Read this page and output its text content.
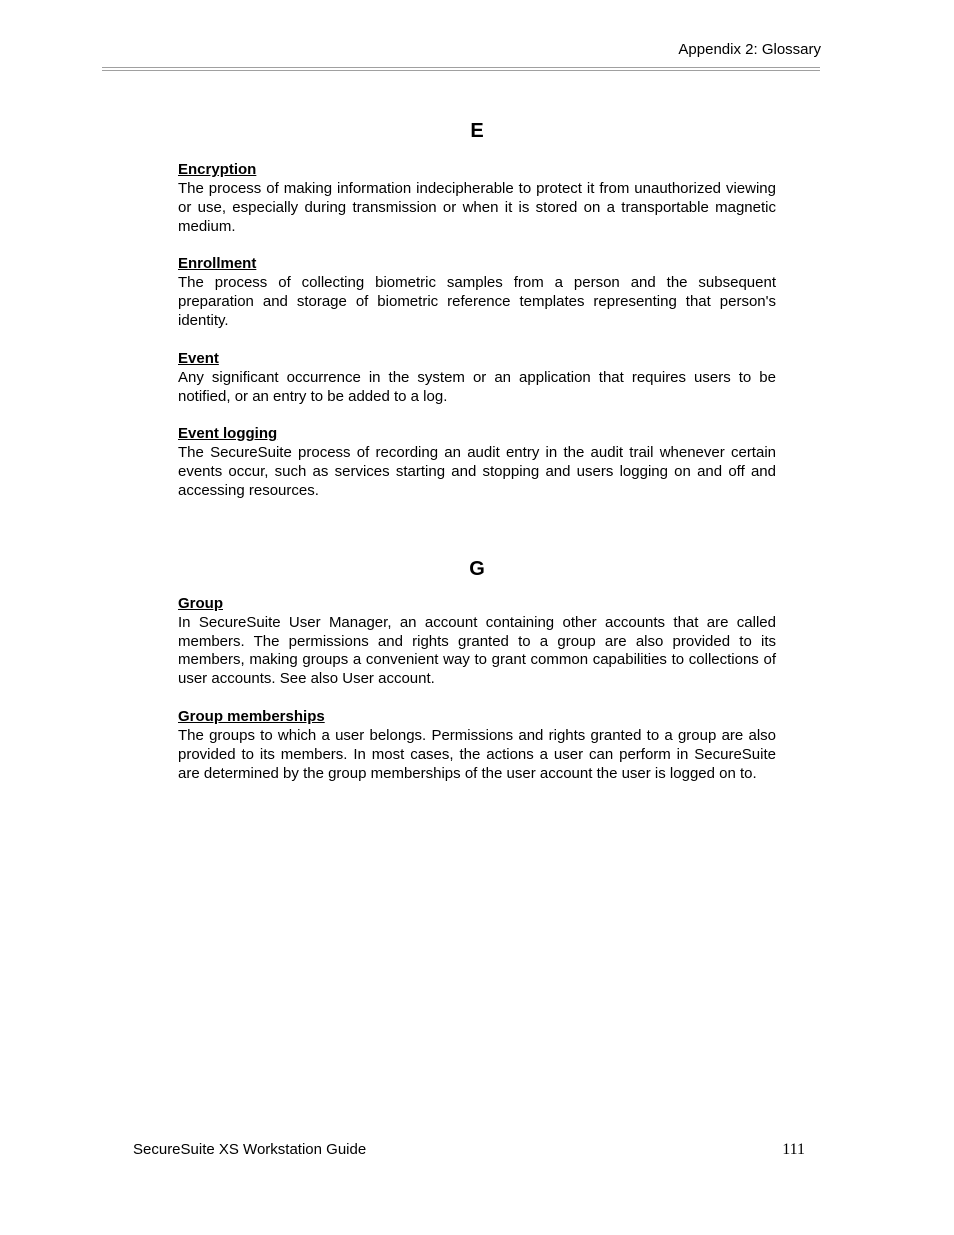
Appendix 2: Glossary
E
Encryption
The process of making information indecipherable to protect it from unauthorized viewing or use, especially during transmission or when it is stored on a transportable magnetic medium.
Enrollment
The process of collecting biometric samples from a person and the subsequent preparation and storage of biometric reference templates representing that person's identity.
Event
Any significant occurrence in the system or an application that requires users to be notified, or an entry to be added to a log.
Event logging
The SecureSuite process of recording an audit entry in the audit trail whenever certain events occur, such as services starting and stopping and users logging on and off and accessing resources.
G
Group
In SecureSuite User Manager, an account containing other accounts that are called members. The permissions and rights granted to a group are also provided to its members, making groups a convenient way to grant common capabilities to collections of user accounts. See also User account.
Group memberships
The groups to which a user belongs. Permissions and rights granted to a group are also provided to its members. In most cases, the actions a user can perform in SecureSuite are determined by the group memberships of the user account the user is logged on to.
SecureSuite XS Workstation Guide	111
